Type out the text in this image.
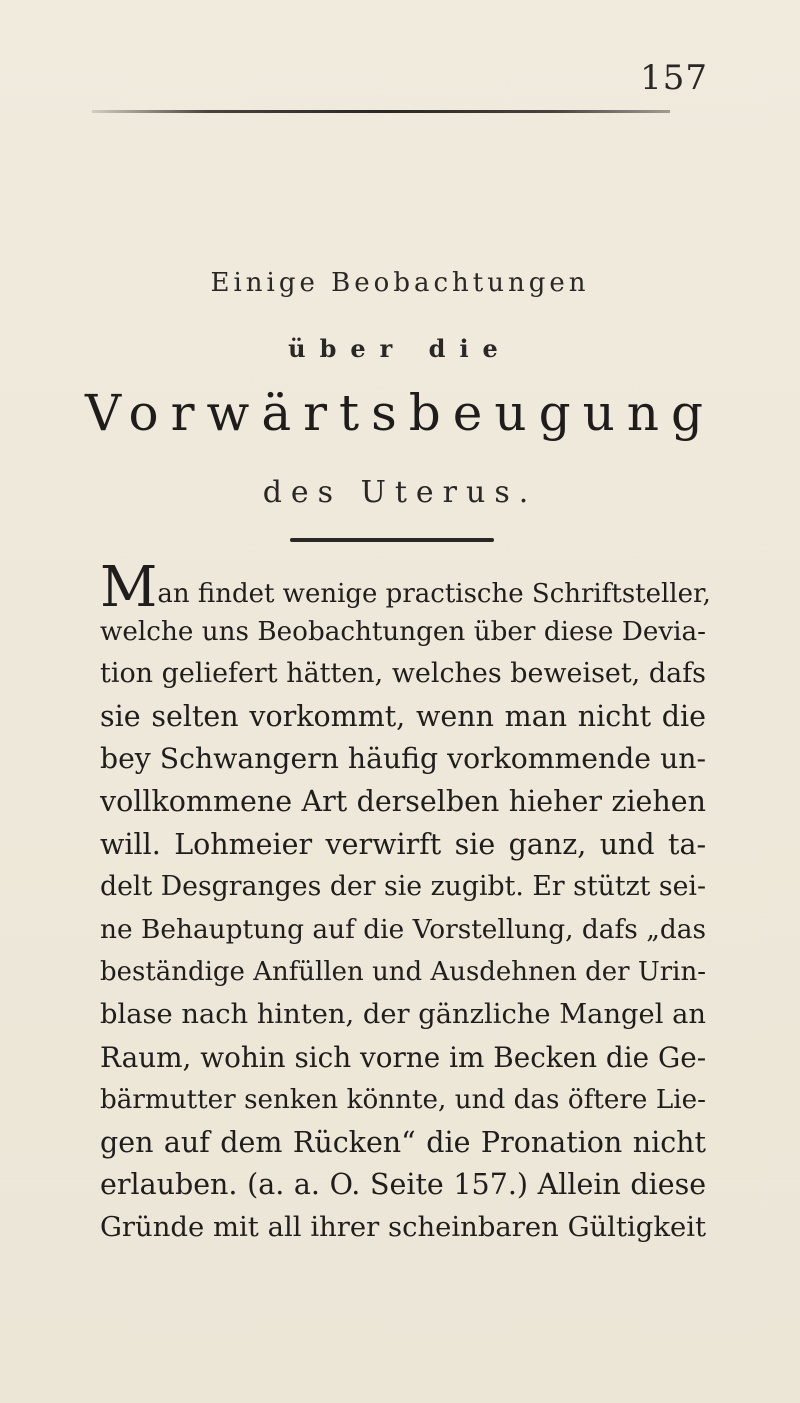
157
Einige Beobachtungen
über die
Vorwärtsbeugung
des Uterus.
Man findet wenige practische Schriftsteller,
welche uns Beobachtungen über diese Devia-
tion geliefert hätten, welches beweiset, dafs
sie selten vorkommt, wenn man nicht die
bey Schwangern häufig vorkommende un-
vollkommene Art derselben hieher ziehen
will. Lohmeier verwirft sie ganz, und ta-
delt Desgranges der sie zugibt. Er stützt sei-
ne Behauptung auf die Vorstellung, dafs „das
beständige Anfüllen und Ausdehnen der Urin-
blase nach hinten, der gänzliche Mangel an
Raum, wohin sich vorne im Becken die Ge-
bärmutter senken könnte, und das öftere Lie-
gen auf dem Rücken“ die Pronation nicht
erlauben. (a. a. O. Seite 157.) Allein diese
Gründe mit all ihrer scheinbaren Gültigkeit
